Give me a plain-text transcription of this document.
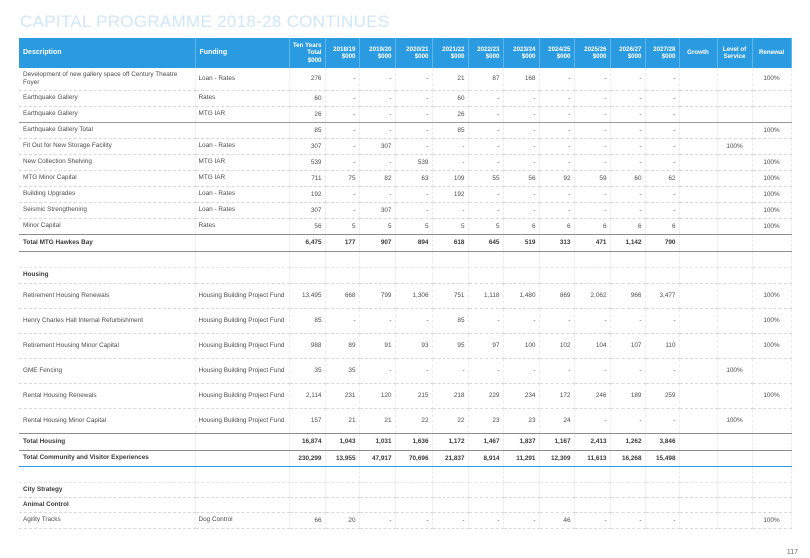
CAPITAL PROGRAMME 2018-28 CONTINUES
Description	Funding	Ten Years Total $000	2018/19 $000	2019/20 $000	2020/21 $000	2021/22 $000	2022/23 $000	2023/24 $000	2024/25 $000	2025/26 $000	2026/27 $000	2027/28 $000	Growth	Level of Service	Renewal
Development of new gallery space off Century Theatre Foyer	Loan - Rates	276	-	-	-	21	87	168	-	-	-	-			100%
Earthquake Gallery	Rates	60	-	-	-	60	-	-	-	-	-	-			
Earthquake Gallery	MTG IAR	26	-	-	-	26	-	-	-	-	-	-			
Earthquake Gallery Total		85	-	-	-	85	-	-	-	-	-	-			100%
Fit Out for New Storage Facility	Loan - Rates	307	-	307	-	-	-	-	-	-	-	-		100%	
New Collection Shelving	MTG IAR	539	-	-	539	-	-	-	-	-	-	-			100%
MTG Minor Capital	MTG IAR	711	75	82	63	109	55	56	92	59	60	62			100%
Building Upgrades	Loan - Rates	192	-	-	-	192	-	-	-	-	-	-			100%
Seismic Strengthening	Loan - Rates	307	-	307	-	-	-	-	-	-	-	-			100%
Minor Capital	Rates	56	5	5	5	5	5	6	6	6	6	6			100%
Total MTG Hawkes Bay		6,475	177	907	894	618	645	519	313	471	1,142	790			

Housing															
Retirement Housing Renewals	Housing Building Project Fund	13,495	668	799	1,306	751	1,118	1,480	869	2,062	966	3,477			100%
Henry Charles Hall Internal Refurbishment	Housing Building Project Fund	85	-	-	-	85	-	-	-	-	-	-			100%
Retirement Housing Minor Capital	Housing Building Project Fund	988	89	91	93	95	97	100	102	104	107	110			100%
GME Fencing	Housing Building Project Fund	35	35	-	-	-	-	-	-	-	-	-		100%	
Rental Housing Renewals	Housing Building Project Fund	2,114	231	120	215	218	229	234	172	246	189	259			100%
Rental Housing Minor Capital	Housing Building Project Fund	157	21	21	22	22	23	23	24	-	-	-		100%	
Total Housing		16,874	1,043	1,031	1,636	1,172	1,467	1,837	1,167	2,413	1,262	3,846			
Total Community and Visitor Experiences		230,299	13,955	47,917	70,696	21,837	8,914	11,291	12,309	11,613	16,268	15,498			

City Strategy															
Animal Control															
Agility Tracks	Dog Control	66	20	-	-	-	-	-	46	-	-	-			100%
117
